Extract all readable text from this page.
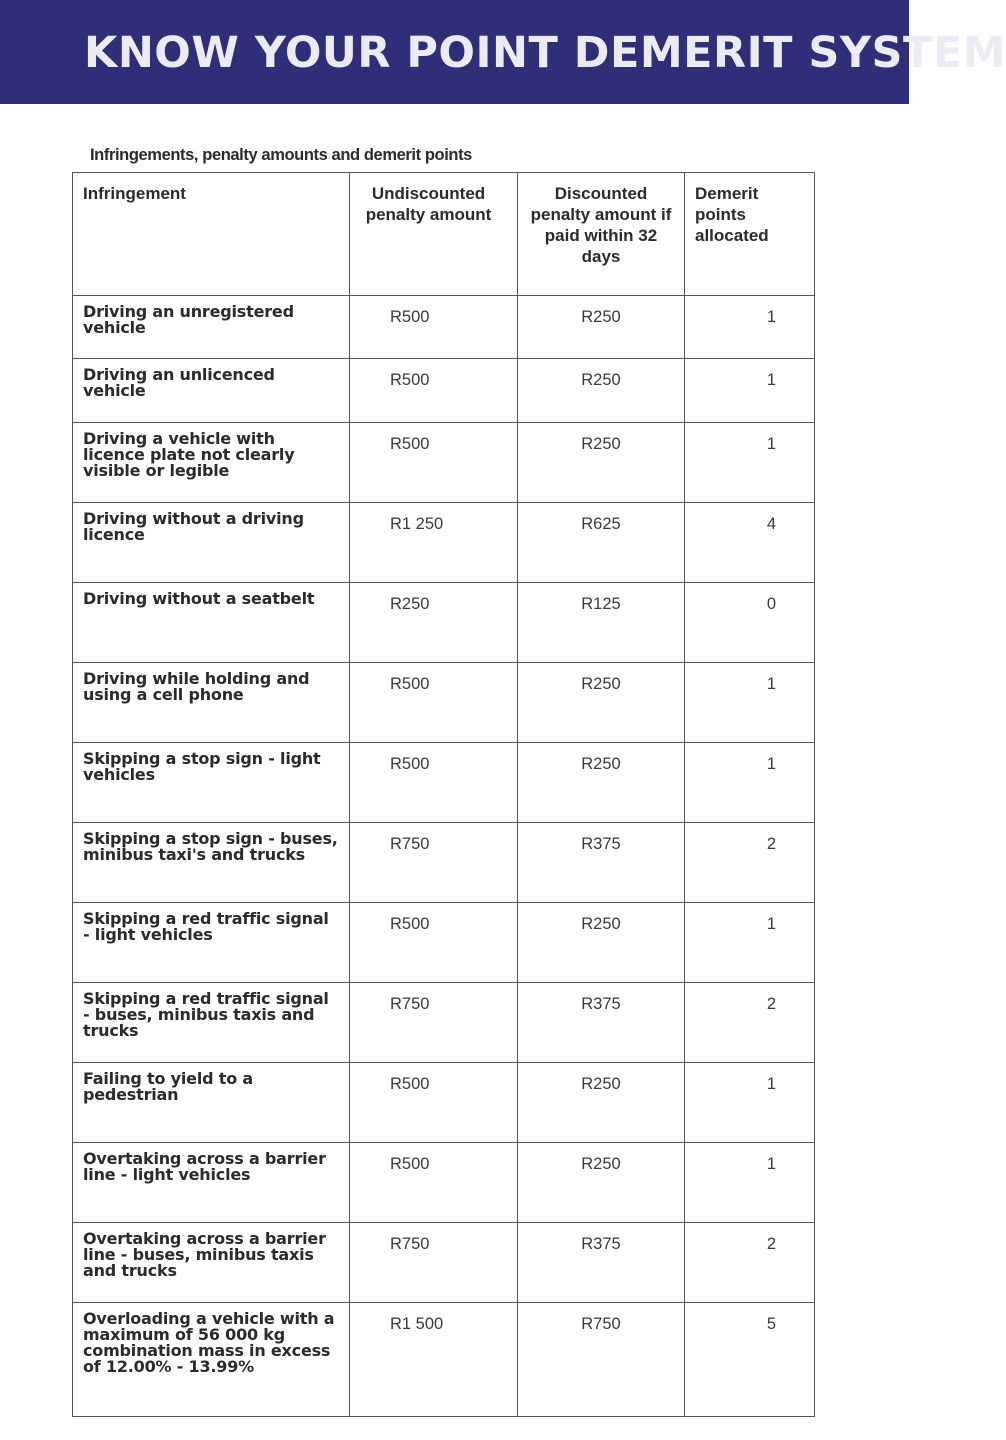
KNOW YOUR POINT DEMERIT SYSTEM
Infringements, penalty amounts and demerit points
Infringement	Undiscounted penalty amount	Discounted penalty amount if paid within 32 days	Demerit points allocated
Driving an unregistered vehicle	R500	R250	1
Driving an unlicenced vehicle	R500	R250	1
Driving a vehicle with licence plate not clearly visible or legible	R500	R250	1
Driving without a driving licence	R1 250	R625	4
Driving without a seatbelt	R250	R125	0
Driving while holding and using a cell phone	R500	R250	1
Skipping a stop sign - light vehicles	R500	R250	1
Skipping a stop sign - buses, minibus taxi's and trucks	R750	R375	2
Skipping a red traffic signal - light vehicles	R500	R250	1
Skipping a red traffic signal - buses, minibus taxis and trucks	R750	R375	2
Failing to yield to a pedestrian	R500	R250	1
Overtaking across a barrier line - light vehicles	R500	R250	1
Overtaking across a barrier line - buses, minibus taxis and trucks	R750	R375	2
Overloading a vehicle with a maximum of 56 000 kg combination mass in excess of 12.00% - 13.99%	R1 500	R750	5
